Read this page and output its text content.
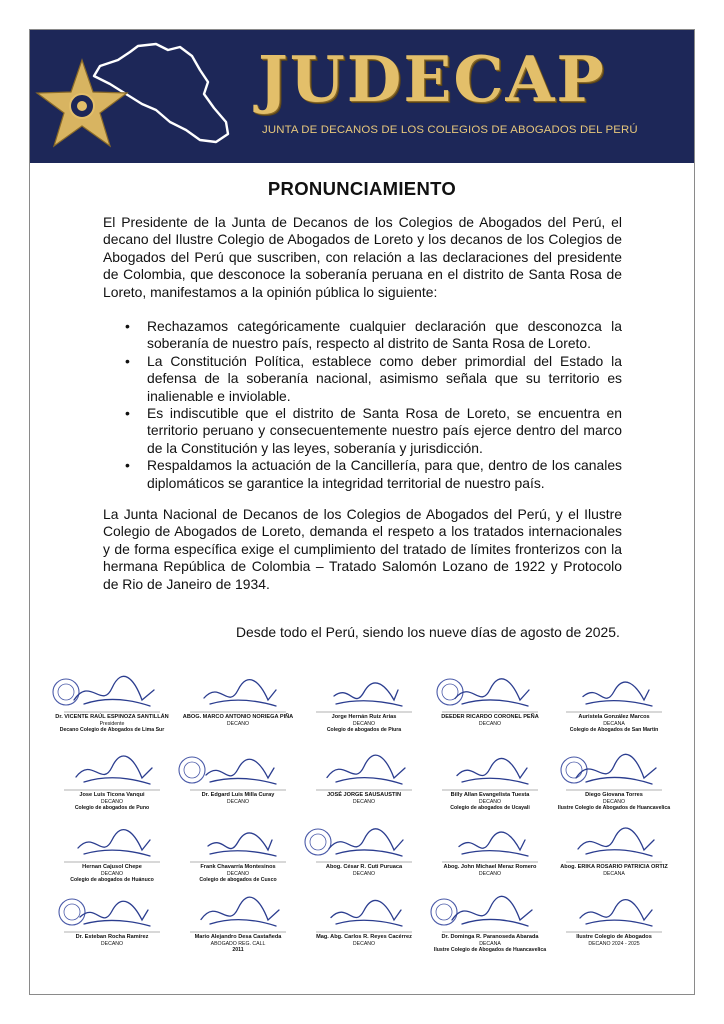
JUDECAP
JUNTA DE DECANOS DE LOS COLEGIOS DE ABOGADOS DEL PERÚ
PRONUNCIAMIENTO
El Presidente de la Junta de Decanos de los Colegios de Abogados del Perú, el decano del Ilustre Colegio de Abogados de Loreto y los decanos de los Colegios de Abogados del Perú que suscriben, con relación a las declaraciones del presidente de Colombia, que desconoce la soberanía peruana en el distrito de Santa Rosa de Loreto, manifestamos a la opinión pública lo siguiente:
• Rechazamos categóricamente cualquier declaración que desconozca la soberanía de nuestro país, respecto al distrito de Santa Rosa de Loreto.
• La Constitución Política, establece como deber primordial del Estado la defensa de la soberanía nacional, asimismo señala que su territorio es inalienable e inviolable.
• Es indiscutible que el distrito de Santa Rosa de Loreto, se encuentra en territorio peruano y consecuentemente nuestro país ejerce dentro del marco de la Constitución y las leyes, soberanía y jurisdicción.
• Respaldamos la actuación de la Cancillería, para que, dentro de los canales diplomáticos se garantice la integridad territorial de nuestro país.
La Junta Nacional de Decanos de los Colegios de Abogados del Perú, y el Ilustre Colegio de Abogados de Loreto, demanda el respeto a los tratados internacionales y de forma específica exige el cumplimiento del tratado de límites fronterizos con la hermana República de Colombia – Tratado Salomón Lozano de 1922 y Protocolo de Rio de Janeiro de 1934.
Desde todo el Perú, siendo los nueve días de agosto de 2025.
Dr. VICENTE RAÚL ESPINOZA SANTILLÁN
Presidente
Decano Colegio de Abogados de Lima Sur
ABOG. MARCO ANTONIO NORIEGA PIÑA
DECANO
Jorge Hernán Ruiz Arias
DECANO
Colegio de abogados de Piura
DEEDER RICARDO CORONEL PEÑA
DECANO
Auristela González Marcos
DECANA
Colegio de Abogados de San Martín
Jose Luis Ticona Vanqui
DECANO
Colegio de abogados de Puno
Dr. Edgard Luis Milla Curay
DECANO
JOSÉ JORGE SAUSAUSTIN
DECANO
Billy Allan Evangelista Tuesta
DECANO
Colegio de abogados de Ucayali
Diego Giovana Torres
DECANO
Ilustre Colegio de Abogados de Huancavelica
Hernan Cajusol Chepe
DECANO
Colegio de abogados de Huánuco
Frank Chavarría Montesinos
DECANO
Colegio de abogados de Cusco
Abog. César R. Cuti Puruaca
DECANO
Abog. John Michael Meraz Romero
DECANO
Abog. ERIKA ROSARIO PATRICIA ORTIZ
DECANA
Dr. Esteban Rocha Ramírez
DECANO
Mario Alejandro Desa Castañeda
ABOGADO REG. CALL
2011
Mag. Abg. Carlos R. Reyes Cacérrez
DECANO
Dr. Dominga R. Paranoseda Abarada
DECANA
Ilustre Colegio de Abogados de Huancavelica
Ilustre Colegio de Abogados
DECANO 2024 - 2025
